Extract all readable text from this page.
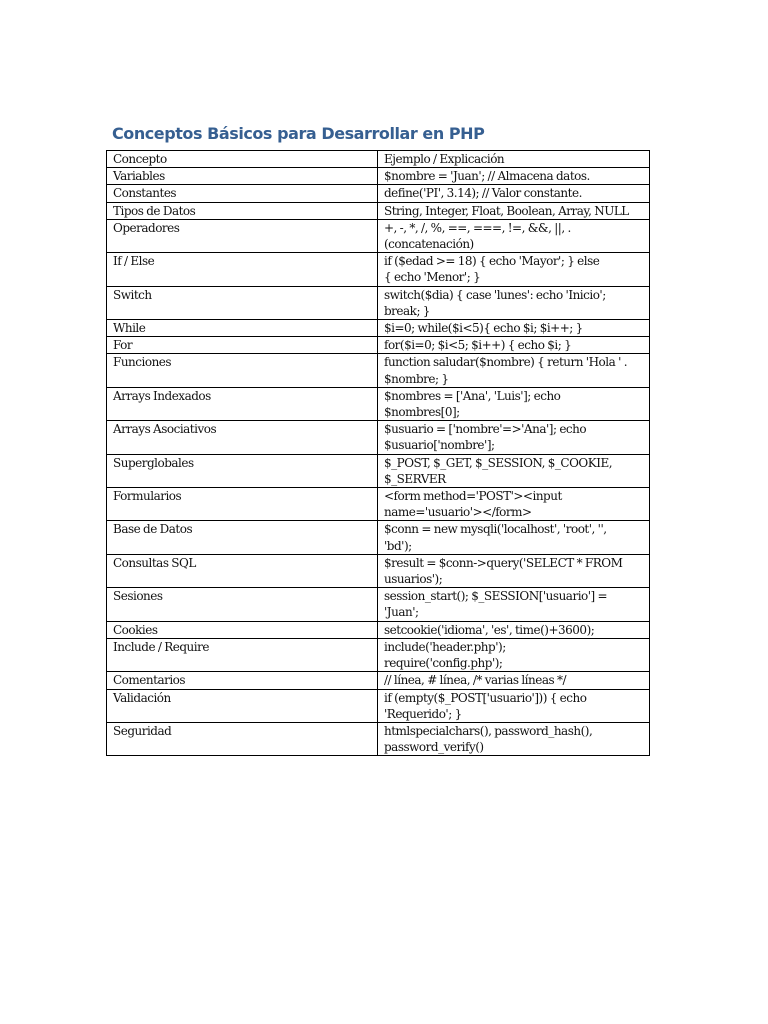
Conceptos Básicos para Desarrollar en PHP
Concepto	Ejemplo / Explicación

Variables	$nombre = 'Juan'; // Almacena datos.

Constantes	define('PI', 3.14); // Valor constante.

Tipos de Datos	String, Integer, Float, Boolean, Array, NULL

Operadores	+, -, *, /, %, ==, ===, !=, &&, ||, .
(concatenación)

If / Else	if ($edad >= 18) { echo 'Mayor'; } else
{ echo 'Menor'; }

Switch	switch($dia) { case 'lunes': echo 'Inicio';
break; }

While	$i=0; while($i<5){ echo $i; $i++; }

For	for($i=0; $i<5; $i++) { echo $i; }

Funciones	function saludar($nombre) { return 'Hola ' .
$nombre; }

Arrays Indexados	$nombres = ['Ana', 'Luis']; echo
$nombres[0];

Arrays Asociativos	$usuario = ['nombre'=>'Ana']; echo
$usuario['nombre'];

Superglobales	$_POST, $_GET, $_SESSION, $_COOKIE,
$_SERVER

Formularios	<form method='POST'><input
name='usuario'></form>

Base de Datos	$conn = new mysqli('localhost', 'root', '',
'bd');

Consultas SQL	$result = $conn->query('SELECT * FROM
usuarios');

Sesiones	session_start(); $_SESSION['usuario'] =
'Juan';

Cookies	setcookie('idioma', 'es', time()+3600);

Include / Require	include('header.php');
require('config.php');

Comentarios	// línea, # línea, /* varias líneas */

Validación	if (empty($_POST['usuario'])) { echo
'Requerido'; }

Seguridad	htmlspecialchars(), password_hash(),
password_verify()
